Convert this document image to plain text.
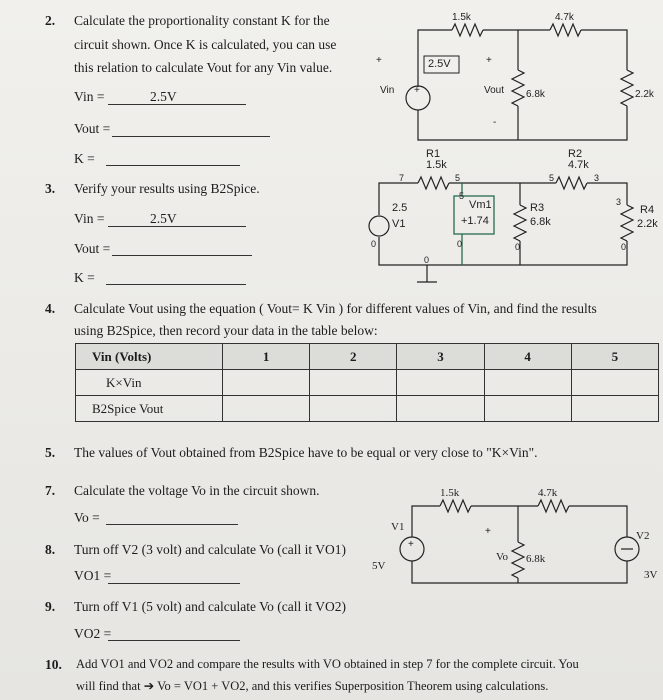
2. Calculate the proportionality constant K for the
circuit shown. Once K is calculated, you can use
this relation to calculate Vout for any Vin value.
Vin =	2.5V
Vout =
K =
1.5k	4.7k
6.8k	2.2k
2.5V
Vin	Vout
+
+
+
-
3. Verify your results using B2Spice.
Vin =	2.5V
Vout =
K =
R1
1.5k
R2
4.7k
R3
6.8k
R4
2.2k
2.5
V1
Vm1
+1.74
7	5
5
5	3
3
0	0	0	0
0
4. Calculate Vout using the equation ( Vout= K Vin ) for different values of Vin, and find the results
using B2Spice, then record your data in the table below:
Vin (Volts)	1	2	3	4	5
K×Vin					
B2Spice Vout					
5. The values of Vout obtained from B2Spice have to be equal or very close to "K×Vin".
7. Calculate the voltage Vo in the circuit shown.
Vo =
1.5k	4.7k
6.8k
V1
V2
5V
3V
Vo
+
+
8. Turn off V2 (3 volt) and calculate Vo (call it VO1)
VO1 =
9. Turn off V1 (5 volt) and calculate Vo (call it VO2)
VO2 =
10. Add VO1 and VO2 and compare the results with VO obtained in step 7 for the complete circuit. You
will find that ➔ Vo = VO1 + VO2, and this verifies Superposition Theorem using calculations.
